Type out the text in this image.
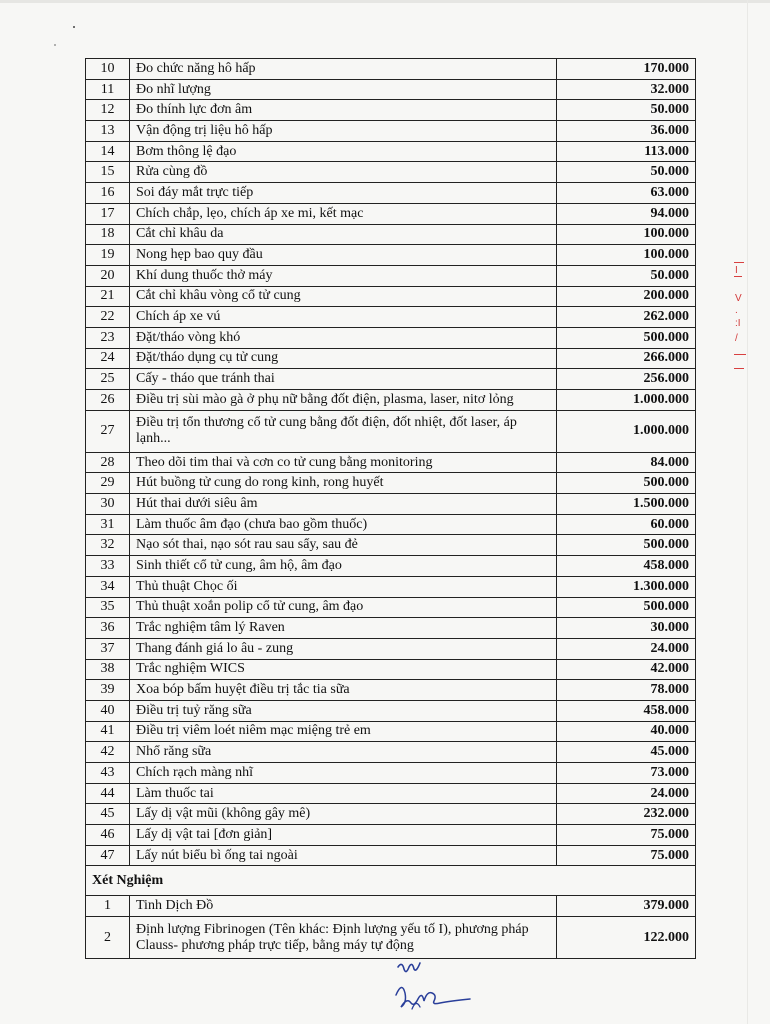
10	Đo chức năng hô hấp	170.000
11	Đo nhĩ lượng	32.000
12	Đo thính lực đơn âm	50.000
13	Vận động trị liệu hô hấp	36.000
14	Bơm thông lệ đạo	113.000
15	Rửa cùng đồ	50.000
16	Soi đáy mắt trực tiếp	63.000
17	Chích chắp, lẹo, chích áp xe mi, kết mạc	94.000
18	Cắt chỉ khâu da	100.000
19	Nong hẹp bao quy đầu	100.000
20	Khí dung thuốc thở máy	50.000
21	Cắt chỉ khâu vòng cổ tử cung	200.000
22	Chích áp xe vú	262.000
23	Đặt/tháo vòng khó	500.000
24	Đặt/tháo dụng cụ tử cung	266.000
25	Cấy - tháo que tránh thai	256.000
26	Điều trị sùi mào gà ở phụ nữ bằng đốt điện, plasma, laser, nitơ lỏng	1.000.000
27	Điều trị tổn thương cổ tử cung bằng đốt điện, đốt nhiệt, đốt laser, áp lạnh...	1.000.000
28	Theo dõi tim thai và cơn co tử cung bằng monitoring	84.000
29	Hút buồng tử cung do rong kinh, rong huyết	500.000
30	Hút thai dưới siêu âm	1.500.000
31	Làm thuốc âm đạo (chưa bao gồm thuốc)	60.000
32	Nạo sót thai, nạo sót rau sau sẩy, sau đẻ	500.000
33	Sinh thiết cổ tử cung, âm hộ, âm đạo	458.000
34	Thủ thuật Chọc ối	1.300.000
35	Thủ thuật xoắn polip cổ tử cung, âm đạo	500.000
36	Trắc nghiệm tâm lý Raven	30.000
37	Thang đánh giá lo âu - zung	24.000
38	Trắc nghiệm WICS	42.000
39	Xoa bóp bấm huyệt điều trị tắc tia sữa	78.000
40	Điều trị tuỷ răng sữa	458.000
41	Điều trị viêm loét niêm mạc miệng trẻ em	40.000
42	Nhổ răng sữa	45.000
43	Chích rạch màng nhĩ	73.000
44	Làm thuốc tai	24.000
45	Lấy dị vật mũi (không gây mê)	232.000
46	Lấy dị vật tai [đơn giản]	75.000
47	Lấy nút biểu bì ống tai ngoài	75.000
Xét Nghiệm		
1	Tinh Dịch Đồ	379.000
2	Định lượng Fibrinogen (Tên khác: Định lượng yếu tố I), phương pháp Clauss- phương pháp trực tiếp, bằng máy tự động	122.000
I
V
.
:I
/
